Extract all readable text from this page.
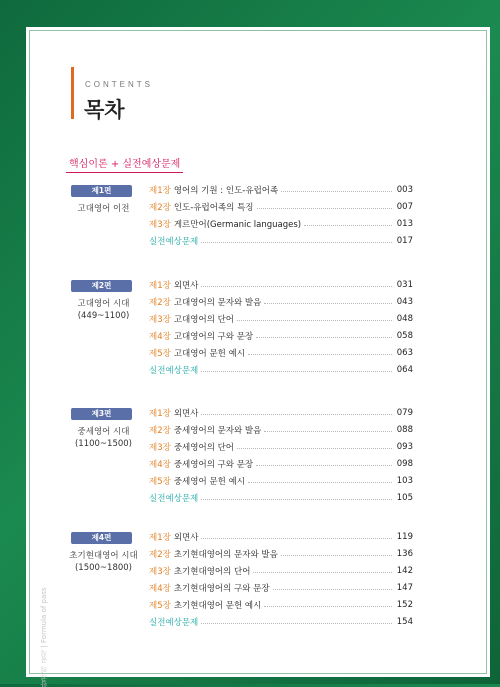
CONTENTS
목차
핵심이론 + 실전예상문제
합격의 공식 | Formula of pass
제1편
고대영어 이전
제1장 영어의 기원 : 인도-유럽어족	003
제2장 인도-유럽어족의 특징	007
제3장 게르만어(Germanic languages)	013
실전예상문제	017
제2편
고대영어 시대
(449~1100)
제1장 외면사	031
제2장 고대영어의 문자와 발음	043
제3장 고대영어의 단어	048
제4장 고대영어의 구와 문장	058
제5장 고대영어 문헌 예시	063
실전예상문제	064
제3편
중세영어 시대
(1100~1500)
제1장 외면사	079
제2장 중세영어의 문자와 발음	088
제3장 중세영어의 단어	093
제4장 중세영어의 구와 문장	098
제5장 중세영어 문헌 예시	103
실전예상문제	105
제4편
초기현대영어 시대
(1500~1800)
제1장 외면사	119
제2장 초기현대영어의 문자와 발음	136
제3장 초기현대영어의 단어	142
제4장 초기현대영어의 구와 문장	147
제5장 초기현대영어 문헌 예시	152
실전예상문제	154
